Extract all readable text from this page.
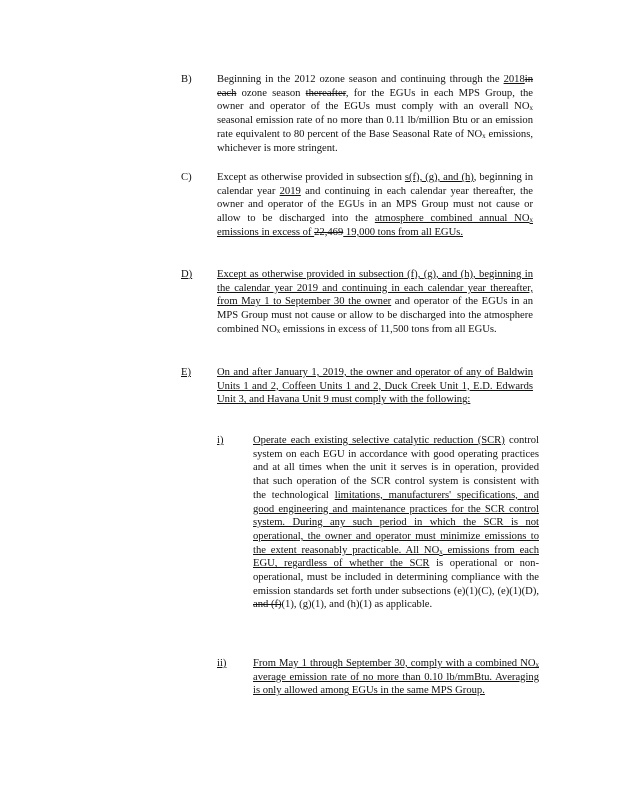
B) Beginning in the 2012 ozone season and continuing through the 2018in each ozone season thereafter, for the EGUs in each MPS Group, the owner and operator of the EGUs must comply with an overall $NO_x$ seasonal emission rate of no more than 0.11 lb/million Btu or an emission rate equivalent to 80 percent of the Base Seasonal Rate of $NO_x$ emissions, whichever is more stringent.
C) Except as otherwise provided in subsection s(f), (g), and (h), beginning in calendar year 2019 and continuing in each calendar year thereafter, the owner and operator of the EGUs in an MPS Group must not cause or allow to be discharged into the atmosphere combined annual $NO_x$ emissions in excess of 22,469 19,000 tons from all EGUs.
D) Except as otherwise provided in subsection (f), (g), and (h), beginning in the calendar year 2019 and continuing in each calendar year thereafter, from May 1 to September 30 the owner and operator of the EGUs in an MPS Group must not cause or allow to be discharged into the atmosphere combined $NO_x$ emissions in excess of 11,500 tons from all EGUs.
E) On and after January 1, 2019, the owner and operator of any of Baldwin Units 1 and 2, Coffeen Units 1 and 2, Duck Creek Unit 1, E.D. Edwards Unit 3, and Havana Unit 9 must comply with the following:
i)	Operate each existing selective catalytic reduction (SCR) control system on each EGU in accordance with good operating practices and at all times when the unit it serves is in operation, provided that such operation of the SCR control system is consistent with the technological limitations, manufacturers' specifications, and good engineering and maintenance practices for the SCR control system. During any such period in which the SCR is not operational, the owner and operator must minimize emissions to the extent reasonably practicable. All $NO_x$ emissions from each EGU, regardless of whether the SCR is operational or non-operational, must be included in determining compliance with the emission standards set forth under subsections (e)(1)(C), (e)(1)(D), and (f)(1), (g)(1), and (h)(1) as applicable.
ii)	From May 1 through September 30, comply with a combined $NO_x$ average emission rate of no more than 0.10 lb/mmBtu. Averaging is only allowed among EGUs in the same MPS Group.
